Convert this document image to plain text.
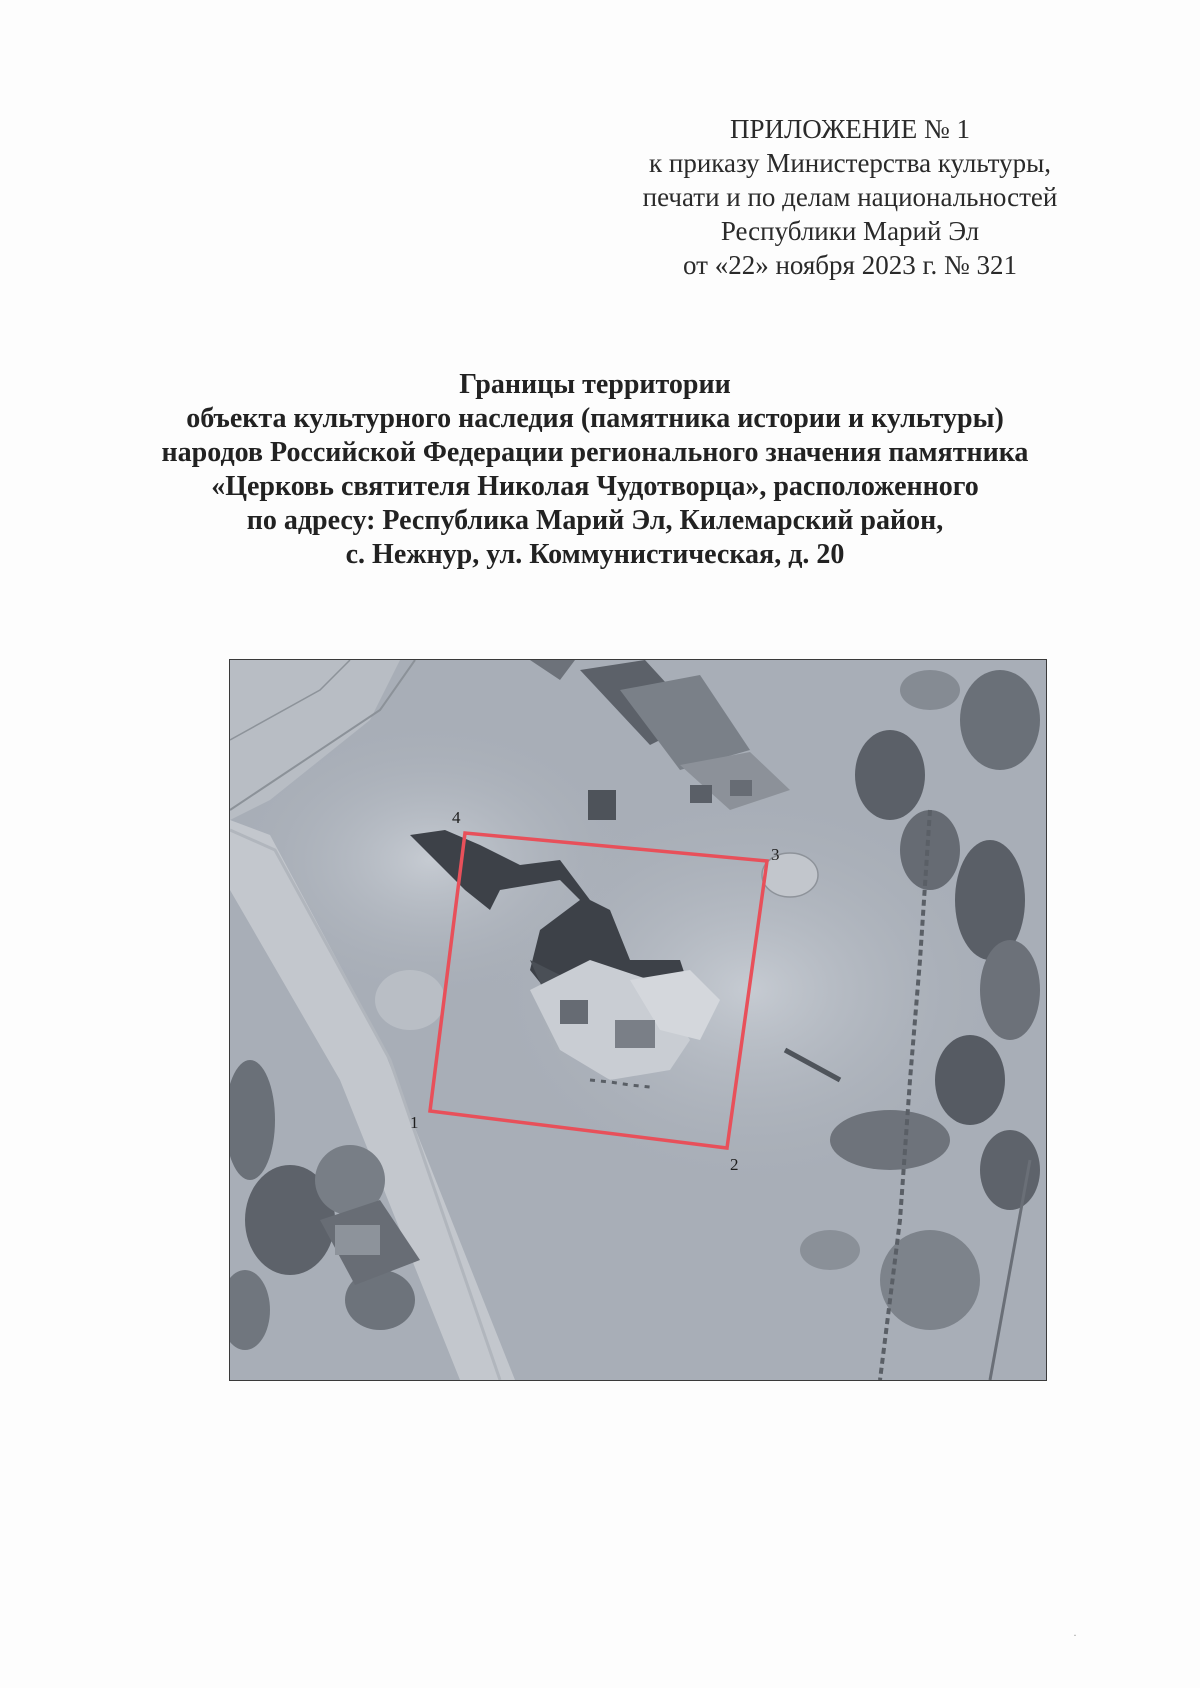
ПРИЛОЖЕНИЕ № 1
к приказу Министерства культуры,
печати и по делам национальностей
Республики Марий Эл
от «22» ноября 2023 г. № 321
Границы территории
объекта культурного наследия (памятника истории и культуры)
народов Российской Федерации регионального значения памятника
«Церковь святителя Николая Чудотворца», расположенного
по адресу: Республика Марий Эл, Килемарский район,
с. Нежнур, ул. Коммунистическая, д. 20
1
2
3
4
·
